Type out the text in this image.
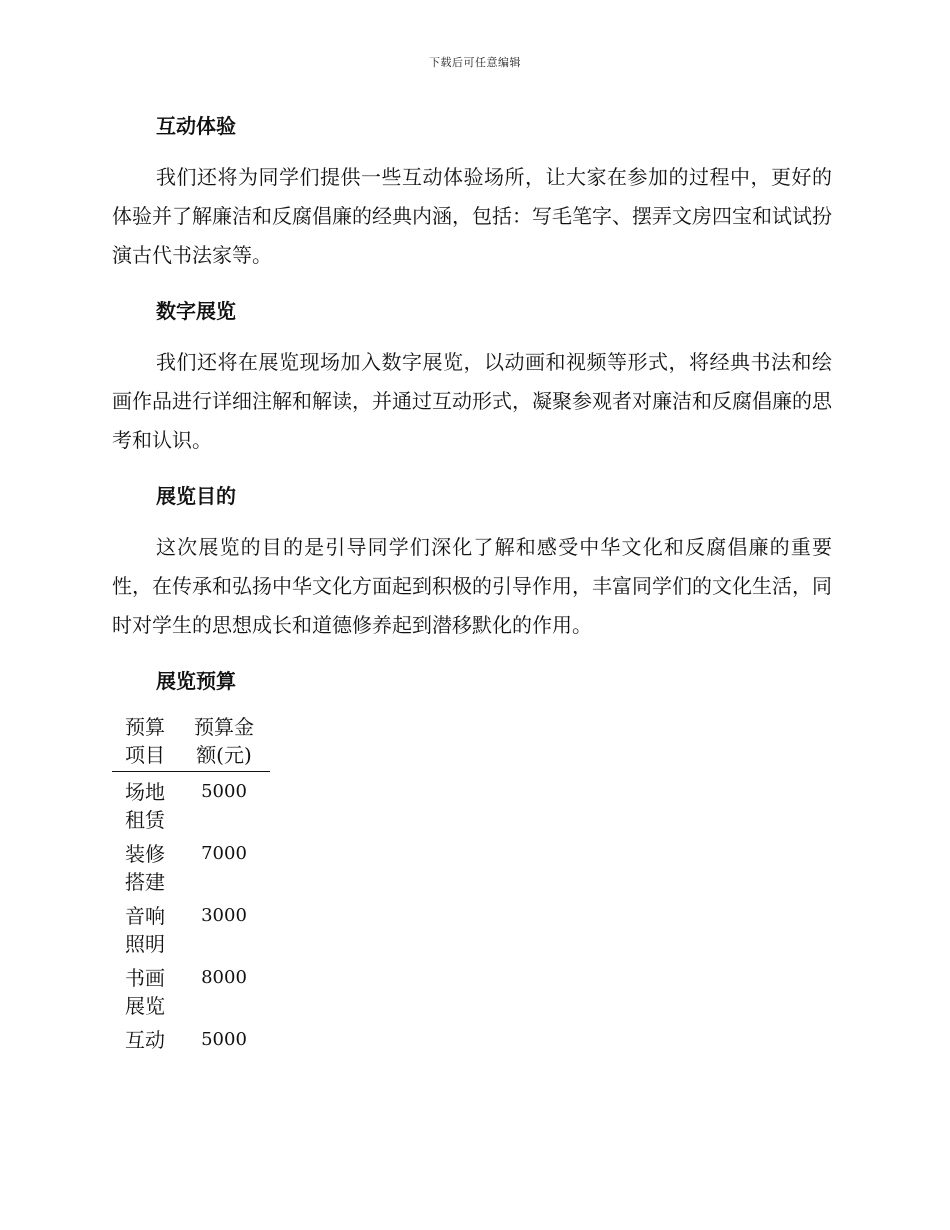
下载后可任意编辑
互动体验

我们还将为同学们提供一些互动体验场所，让大家在参加的过程中，更好的体验并了解廉洁和反腐倡廉的经典内涵，包括：写毛笔字、摆弄文房四宝和试试扮演古代书法家等。

数字展览

我们还将在展览现场加入数字展览，以动画和视频等形式，将经典书法和绘画作品进行详细注解和解读，并通过互动形式，凝聚参观者对廉洁和反腐倡廉的思考和认识。

展览目的

这次展览的目的是引导同学们深化了解和感受中华文化和反腐倡廉的重要性，在传承和弘扬中华文化方面起到积极的引导作用，丰富同学们的文化生活，同时对学生的思想成长和道德修养起到潜移默化的作用。

展览预算
预算项目	预算金额(元)
场地租赁	5000
装修搭建	7000
音响照明	3000
书画展览	8000
互动	5000
